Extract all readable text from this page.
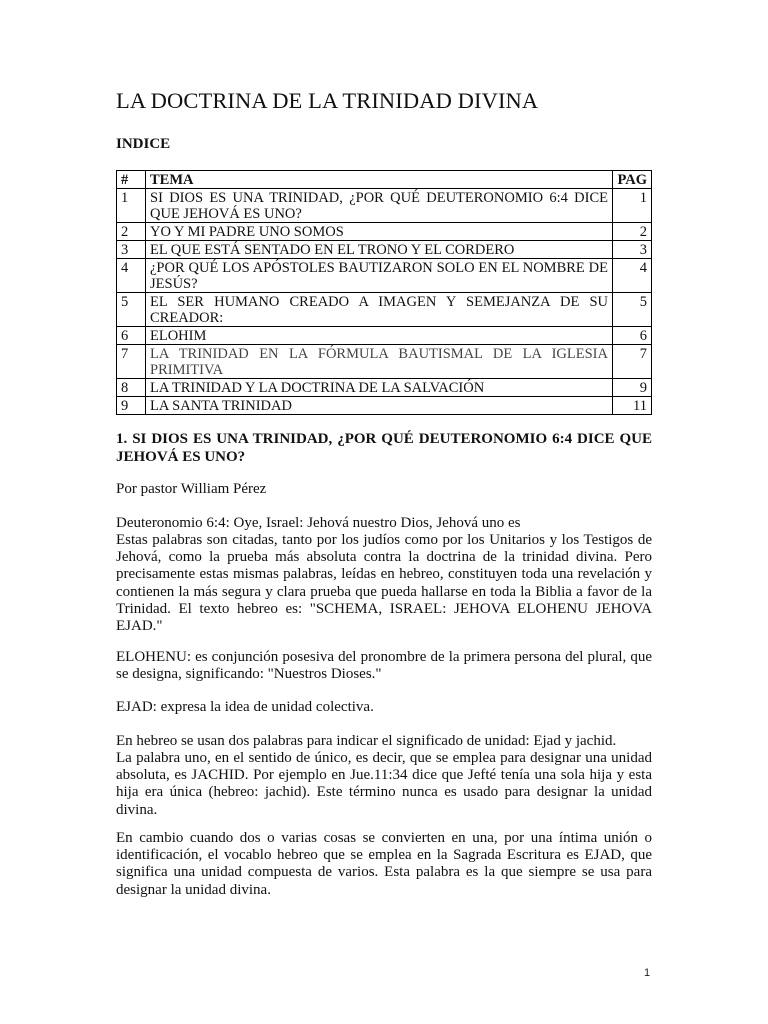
LA DOCTRINA DE LA TRINIDAD DIVINA
INDICE
#	TEMA	PAG
1	SI DIOS ES UNA TRINIDAD, ¿POR QUÉ DEUTERONOMIO 6:4 DICE QUE JEHOVÁ ES UNO?	1
2	YO Y MI PADRE UNO SOMOS	2
3	EL QUE ESTÁ SENTADO EN EL TRONO Y EL CORDERO	3
4	¿POR QUÉ LOS APÓSTOLES BAUTIZARON SOLO EN EL NOMBRE DE JESÚS?	4
5	EL SER HUMANO CREADO A IMAGEN Y SEMEJANZA DE SU CREADOR:	5
6	ELOHIM	6
7	LA TRINIDAD EN LA FÓRMULA BAUTISMAL DE LA IGLESIA PRIMITIVA	7
8	LA TRINIDAD Y LA DOCTRINA DE LA SALVACIÓN	9
9	LA SANTA TRINIDAD	11
1. SI DIOS ES UNA TRINIDAD, ¿POR QUÉ DEUTERONOMIO 6:4 DICE QUE JEHOVÁ ES UNO?

Por pastor William Pérez

Deuteronomio 6:4: Oye, Israel: Jehová nuestro Dios, Jehová uno es

Estas palabras son citadas, tanto por los judíos como por los Unitarios y los Testigos de Jehová, como la prueba más absoluta contra la doctrina de la trinidad divina. Pero precisamente estas mismas palabras, leídas en hebreo, constituyen toda una revelación y contienen la más segura y clara prueba que pueda hallarse en toda la Biblia a favor de la Trinidad. El texto hebreo es: "SCHEMA, ISRAEL: JEHOVA ELOHENU JEHOVA EJAD."

ELOHENU: es conjunción posesiva del pronombre de la primera persona del plural, que se designa, significando: "Nuestros Dioses."

EJAD: expresa la idea de unidad colectiva.

En hebreo se usan dos palabras para indicar el significado de unidad: Ejad y jachid.

La palabra uno, en el sentido de único, es decir, que se emplea para designar una unidad absoluta, es JACHID. Por ejemplo en Jue.11:34 dice que Jefté tenía una sola hija y esta hija era única (hebreo: jachid). Este término nunca es usado para designar la unidad divina.

En cambio cuando dos o varias cosas se convierten en una, por una íntima unión o identificación, el vocablo hebreo que se emplea en la Sagrada Escritura es EJAD, que significa una unidad compuesta de varios. Esta palabra es la que siempre se usa para designar la unidad divina.

1
